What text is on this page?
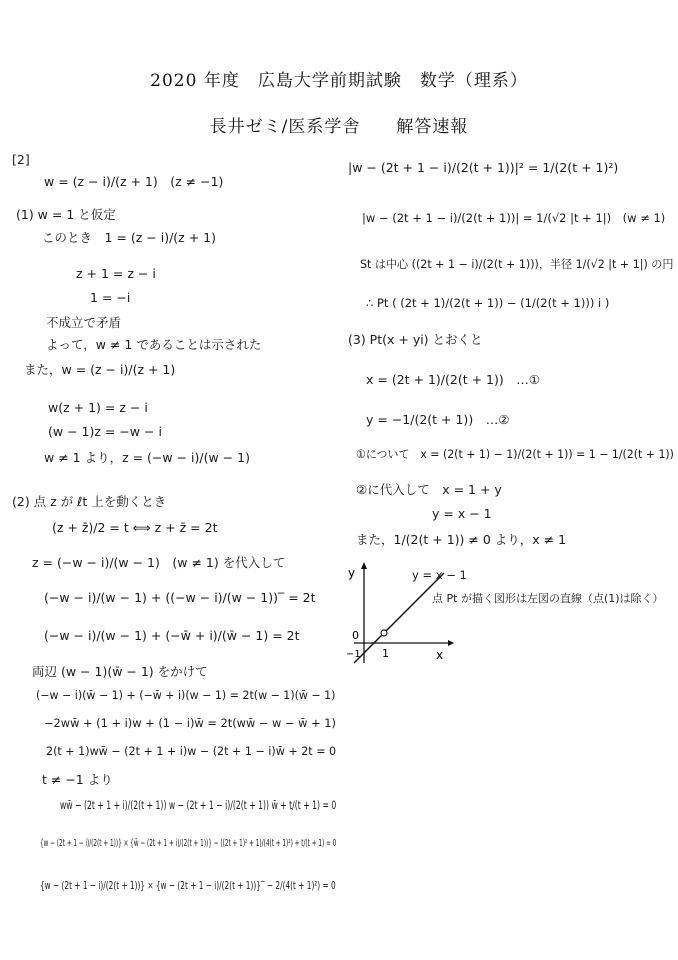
2020 年度　広島大学前期試験　数学（理系）
長井ゼミ/医系学舎　　解答速報
[2]
w = (z − i)/(z + 1)　(z ≠ −1)
(1) w = 1 と仮定
このとき　1 = (z − i)/(z + 1)
z + 1 = z − i
1 = −i
不成立で矛盾
よって，w ≠ 1 であることは示された
また，w = (z − i)/(z + 1)
w(z + 1) = z − i
(w − 1)z = −w − i
w ≠ 1 より，z = (−w − i)/(w − 1)
(2) 点 z が ℓt 上を動くとき
(z + z̄)/2 = t ⟺ z + z̄ = 2t
z = (−w − i)/(w − 1)　(w ≠ 1) を代入して
(−w − i)/(w − 1) + ((−w − i)/(w − 1))‾ = 2t
(−w − i)/(w − 1) + (−w̄ + i)/(w̄ − 1) = 2t
両辺 (w − 1)(w̄ − 1) をかけて
(−w − i)(w̄ − 1) + (−w̄ + i)(w − 1) = 2t(w − 1)(w̄ − 1)
−2ww̄ + (1 + i)w + (1 − i)w̄ = 2t(ww̄ − w − w̄ + 1)
2(t + 1)ww̄ − (2t + 1 + i)w − (2t + 1 − i)w̄ + 2t = 0
t ≠ −1 より
ww̄ − (2t + 1 + i)/(2(t + 1)) w − (2t + 1 − i)/(2(t + 1)) w̄ + t/(t + 1) = 0
{w − (2t + 1 − i)/(2(t + 1))} × {w̄ − (2t + 1 + i)/(2(t + 1))} − ((2t + 1)² + 1)/(4(t + 1)²) + t/(t + 1) = 0
{w − (2t + 1 − i)/(2(t + 1))} × {w − (2t + 1 − i)/(2(t + 1))}‾ − 2/(4(t + 1)²) = 0
|w − (2t + 1 − i)/(2(t + 1))|² = 1/(2(t + 1)²)
|w − (2t + 1 − i)/(2(t + 1))| = 1/(√2 |t + 1|)　(w ≠ 1)
St は中心 ((2t + 1 − i)/(2(t + 1)))，半径 1/(√2 |t + 1|) の円
∴ Pt ( (2t + 1)/(2(t + 1)) − (1/(2(t + 1))) i )
(3) Pt(x + yi) とおくと
x = (2t + 1)/(2(t + 1))　…①
y = −1/(2(t + 1))　…②
①について　x = (2(t + 1) − 1)/(2(t + 1)) = 1 − 1/(2(t + 1))
②に代入して　x = 1 + y
y = x − 1
また，1/(2(t + 1)) ≠ 0 より，x ≠ 1
y
x
0
1
−1
y = x − 1
点 Pt が描く図形は左図の直線（点(1)は除く）
